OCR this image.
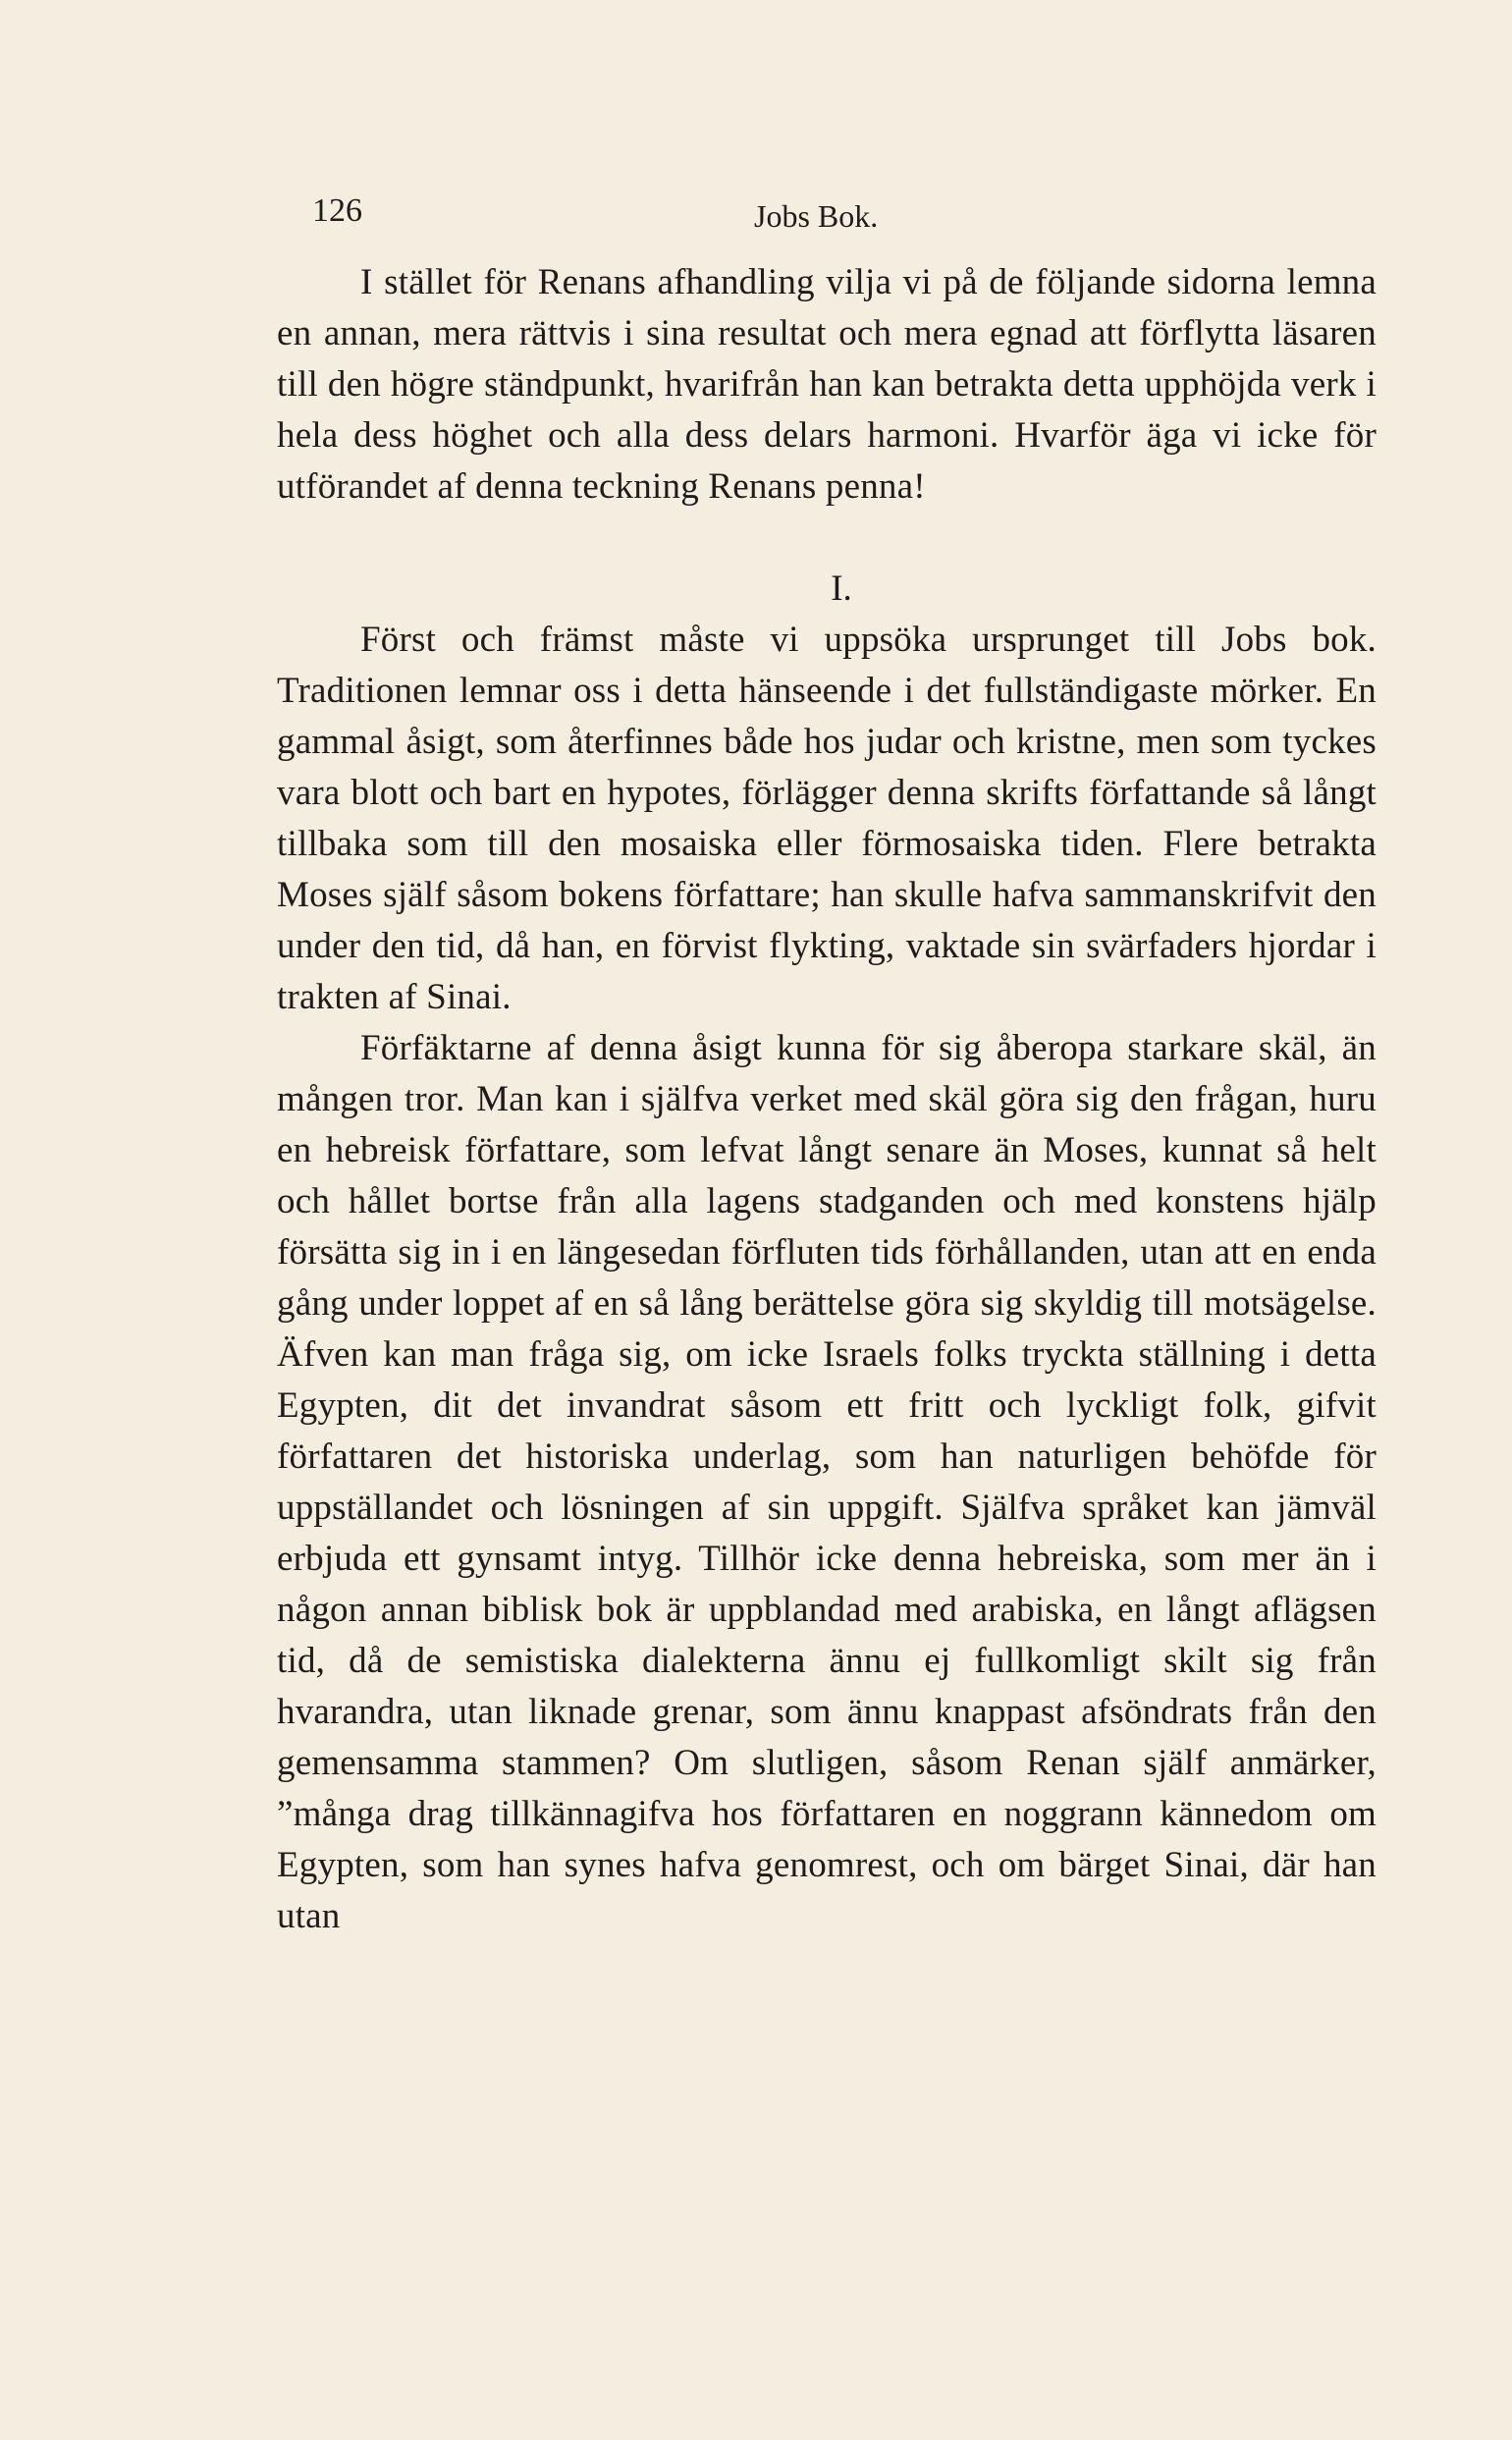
126	Jobs Bok.

I stället för Renans afhandling vilja vi på de följande sidorna lemna en annan, mera rättvis i sina resultat och mera egnad att förflytta läsaren till den högre ständpunkt, hvarifrån han kan betrakta detta upphöjda verk i hela dess höghet och alla dess delars harmoni. Hvarför äga vi icke för utförandet af denna teckning Renans penna!

I.

Först och främst måste vi uppsöka ursprunget till Jobs bok. Traditionen lemnar oss i detta hänseende i det fullständigaste mörker. En gammal åsigt, som återfinnes både hos judar och kristne, men som tyckes vara blott och bart en hypotes, förlägger denna skrifts författande så långt tillbaka som till den mosaiska eller förmosaiska tiden. Flere betrakta Moses själf såsom bokens författare; han skulle hafva sammanskrifvit den under den tid, då han, en förvist flykting, vaktade sin svärfaders hjordar i trakten af Sinai.

Förfäktarne af denna åsigt kunna för sig åberopa starkare skäl, än mången tror. Man kan i själfva verket med skäl göra sig den frågan, huru en hebreisk författare, som lefvat långt senare än Moses, kunnat så helt och hållet bortse från alla lagens stadganden och med konstens hjälp försätta sig in i en längesedan förfluten tids förhållanden, utan att en enda gång under loppet af en så lång berättelse göra sig skyldig till motsägelse. Äfven kan man fråga sig, om icke Israels folks tryckta ställning i detta Egypten, dit det invandrat såsom ett fritt och lyckligt folk, gifvit författaren det historiska underlag, som han naturligen behöfde för uppställandet och lösningen af sin uppgift. Själfva språket kan jämväl erbjuda ett gynsamt intyg. Tillhör icke denna hebreiska, som mer än i någon annan biblisk bok är uppblandad med arabiska, en långt aflägsen tid, då de semistiska dialekterna ännu ej fullkomligt skilt sig från hvarandra, utan liknade grenar, som ännu knappast afsöndrats från den gemensamma stammen? Om slutligen, såsom Renan själf anmärker, ”många drag tillkännagifva hos författaren en noggrann kännedom om Egypten, som han synes hafva genomrest, och om bärget Sinai, där han utan
